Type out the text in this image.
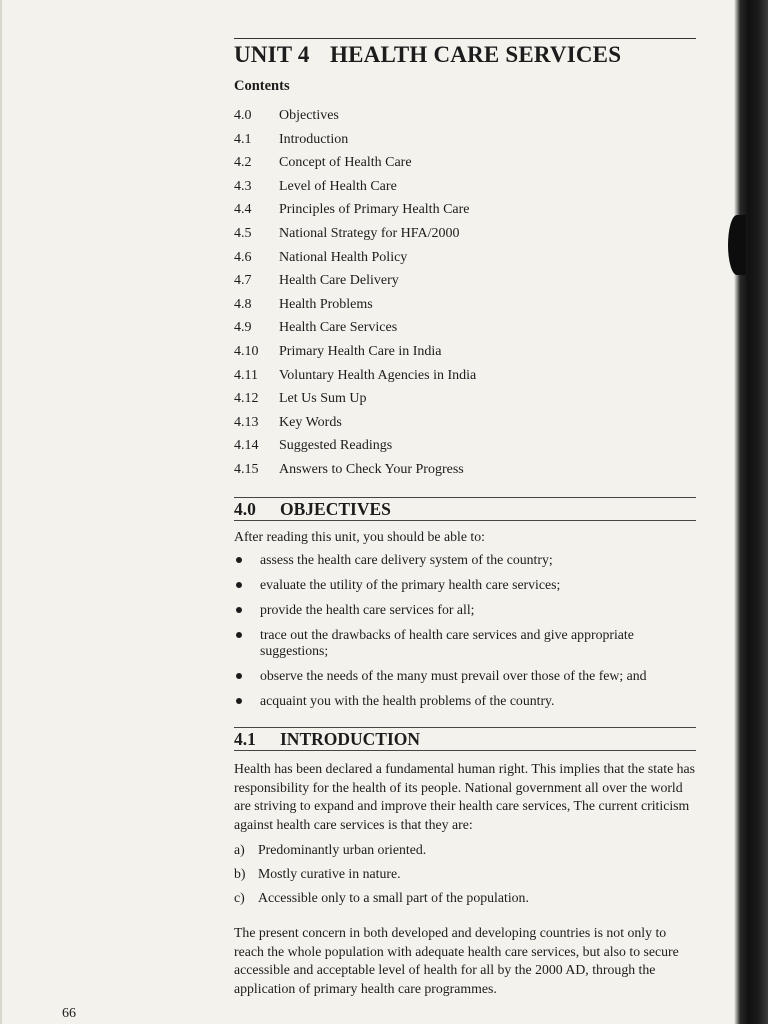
UNIT 4 HEALTH CARE SERVICES
Contents
4.0 Objectives
4.1 Introduction
4.2 Concept of Health Care
4.3 Level of Health Care
4.4 Principles of Primary Health Care
4.5 National Strategy for HFA/2000
4.6 National Health Policy
4.7 Health Care Delivery
4.8 Health Problems
4.9 Health Care Services
4.10 Primary Health Care in India
4.11 Voluntary Health Agencies in India
4.12 Let Us Sum Up
4.13 Key Words
4.14 Suggested Readings
4.15 Answers to Check Your Progress
4.0 OBJECTIVES

After reading this unit, you should be able to:

assess the health care delivery system of the country;
evaluate the utility of the primary health care services;
provide the health care services for all;
trace out the drawbacks of health care services and give appropriate suggestions;
observe the needs of the many must prevail over those of the few; and
acquaint you with the health problems of the country.
4.1 INTRODUCTION

Health has been declared a fundamental human right. This implies that the state has responsibility for the health of its people. National government all over the world are striving to expand and improve their health care services, The current criticism against health care services is that they are:

a) Predominantly urban oriented.
b) Mostly curative in nature.
c) Accessible only to a small part of the population.

The present concern in both developed and developing countries is not only to reach the whole population with adequate health care services, but also to secure accessible and acceptable level of health for all by the 2000 AD, through the application of primary health care programmes.

66
